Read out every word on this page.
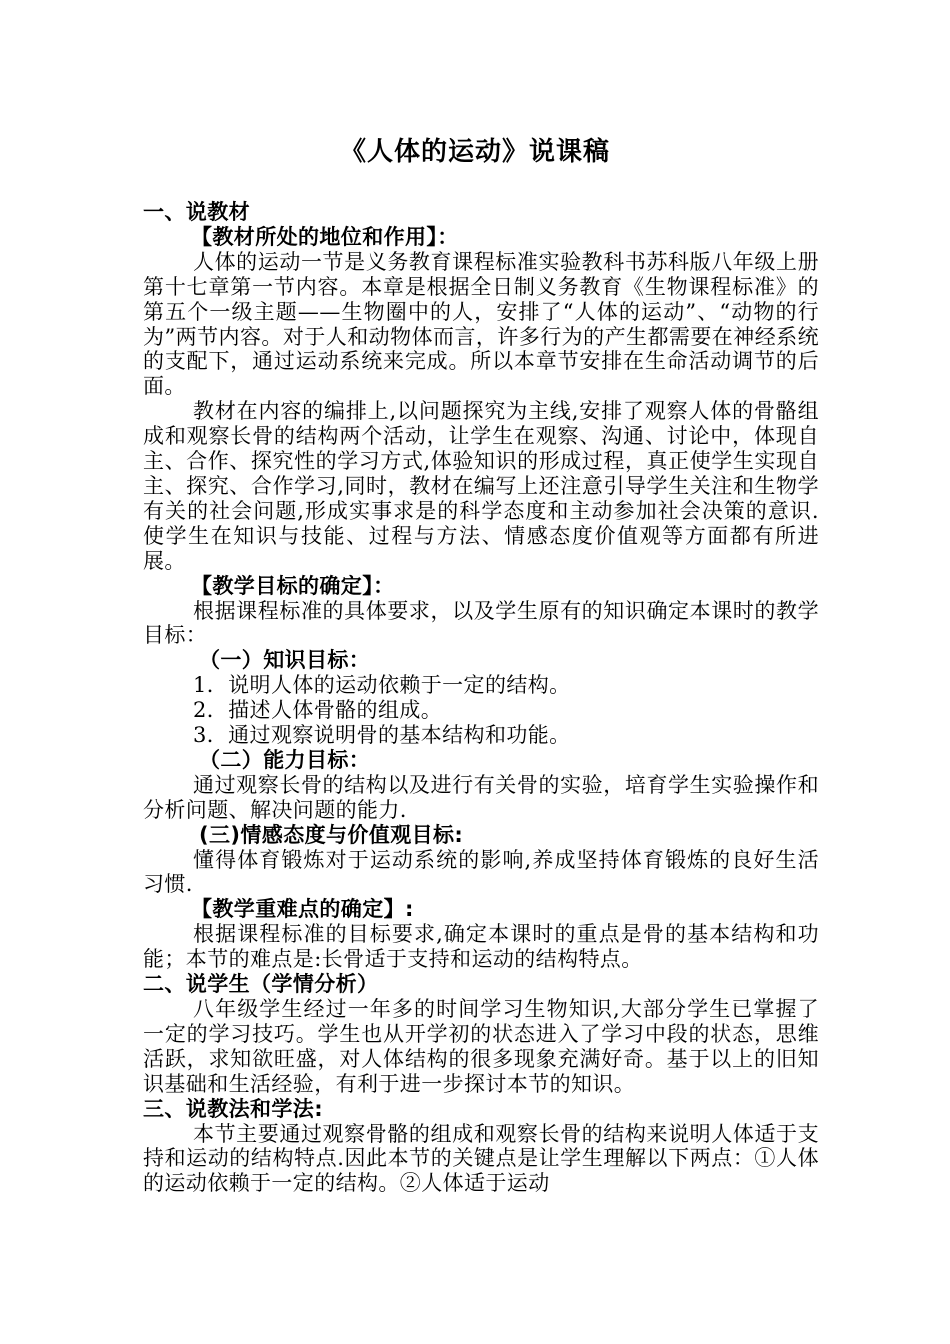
《人体的运动》说课稿

一、说教材

【教材所处的地位和作用】：

人体的运动一节是义务教育课程标准实验教科书苏科版八年级上册第十七章第一节内容。本章是根据全日制义务教育《生物课程标准》的第五个一级主题——生物圈中的人，安排了“人体的运动”、“动物的行为”两节内容。对于人和动物体而言，许多行为的产生都需要在神经系统的支配下，通过运动系统来完成。所以本章节安排在生命活动调节的后面。

教材在内容的编排上,以问题探究为主线,安排了观察人体的骨骼组成和观察长骨的结构两个活动，让学生在观察、沟通、讨论中，体现自主、合作、探究性的学习方式,体验知识的形成过程，真正使学生实现自主、探究、合作学习,同时，教材在编写上还注意引导学生关注和生物学有关的社会问题,形成实事求是的科学态度和主动参加社会决策的意识.使学生在知识与技能、过程与方法、情感态度价值观等方面都有所进展。

【教学目标的确定】：

根据课程标准的具体要求，以及学生原有的知识确定本课时的教学目标：

（一）知识目标：

1．说明人体的运动依赖于一定的结构。

2．描述人体骨骼的组成。

3．通过观察说明骨的基本结构和功能。

（二）能力目标：

通过观察长骨的结构以及进行有关骨的实验，培育学生实验操作和分析问题、解决问题的能力.

(三)情感态度与价值观目标:

懂得体育锻炼对于运动系统的影响,养成坚持体育锻炼的良好生活习惯.

【教学重难点的确定】:

根据课程标准的目标要求,确定本课时的重点是骨的基本结构和功能；本节的难点是:长骨适于支持和运动的结构特点。

二、说学生（学情分析）

八年级学生经过一年多的时间学习生物知识,大部分学生已掌握了一定的学习技巧。学生也从开学初的状态进入了学习中段的状态，思维活跃，求知欲旺盛，对人体结构的很多现象充满好奇。基于以上的旧知识基础和生活经验，有利于进一步探讨本节的知识。

三、说教法和学法:

本节主要通过观察骨骼的组成和观察长骨的结构来说明人体适于支持和运动的结构特点.因此本节的关键点是让学生理解以下两点：①人体的运动依赖于一定的结构。②人体适于运动
